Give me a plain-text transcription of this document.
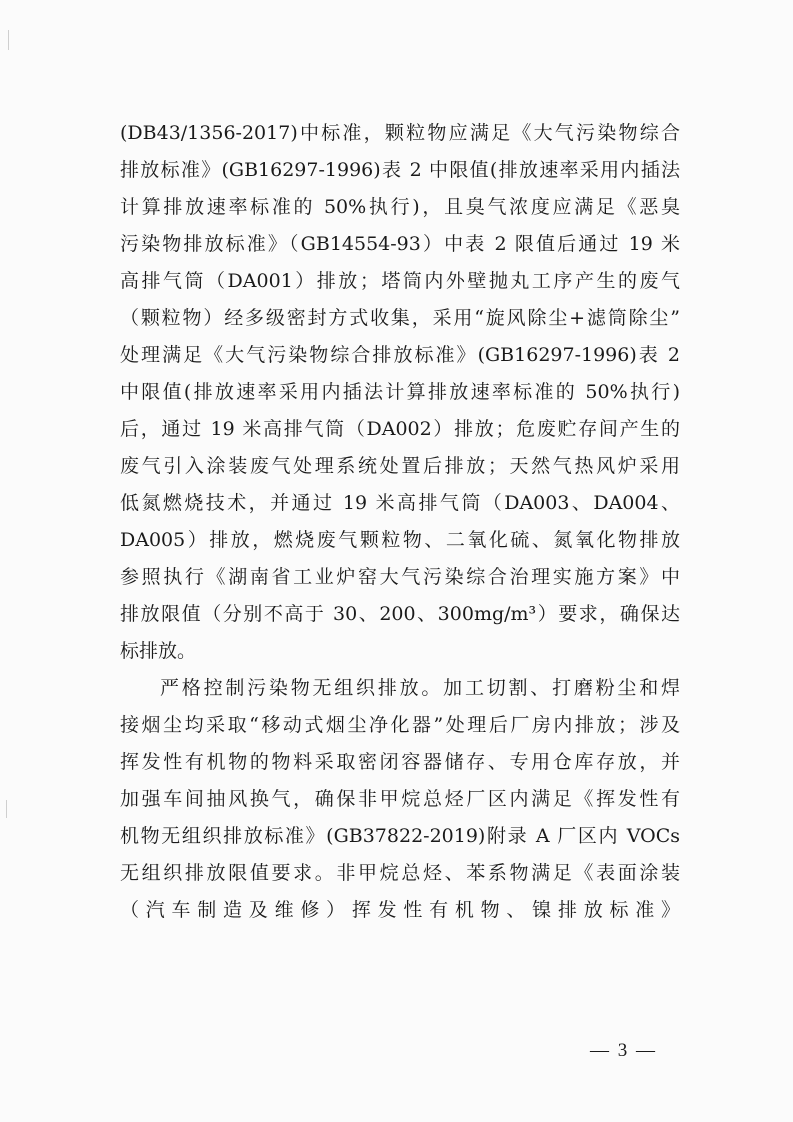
(DB43/1356-2017)中标准，颗粒物应满足《大气污染物综合
排放标准》(GB16297-1996)表 2 中限值(排放速率采用内插法
计算排放速率标准的 50%执行)，且臭气浓度应满足《恶臭
污染物排放标准》（GB14554-93）中表 2 限值后通过 19 米
高排气筒（DA001）排放；塔筒内外壁抛丸工序产生的废气
（颗粒物）经多级密封方式收集，采用“旋风除尘+滤筒除尘”
处理满足《大气污染物综合排放标准》(GB16297-1996)表 2
中限值(排放速率采用内插法计算排放速率标准的 50%执行)
后，通过 19 米高排气筒（DA002）排放；危废贮存间产生的
废气引入涂装废气处理系统处置后排放；天然气热风炉采用
低氮燃烧技术，并通过 19 米高排气筒（DA003、DA004、
DA005）排放，燃烧废气颗粒物、二氧化硫、氮氧化物排放
参照执行《湖南省工业炉窑大气污染综合治理实施方案》中
排放限值（分别不高于 30、200、300mg/m³）要求，确保达
标排放。
严格控制污染物无组织排放。加工切割、打磨粉尘和焊
接烟尘均采取“移动式烟尘净化器”处理后厂房内排放；涉及
挥发性有机物的物料采取密闭容器储存、专用仓库存放，并
加强车间抽风换气，确保非甲烷总烃厂区内满足《挥发性有
机物无组织排放标准》(GB37822-2019)附录 A 厂区内 VOCs
无组织排放限值要求。非甲烷总烃、苯系物满足《表面涂装
（汽车制造及维修）挥发性有机物、镍排放标准》
— 3 —
